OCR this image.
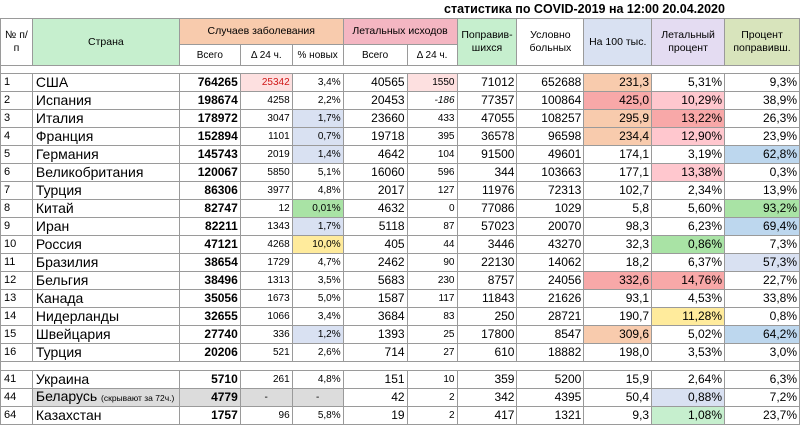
статистика по COVID-2019 на 12:00 20.04.2020
№ п/п	Страна	Случаев заболевания			Летальных исходов		Поправив-шихся	Условно больных	На 100 тыс.	Летальный процент	Процент поправивш.
		Всего	Δ 24 ч.	% новых	Всего	Δ 24 ч.					

1	США	764265	25342	3,4%	40565	1550	71012	652688	231,3	5,31%	9,3%
2	Испания	198674	4258	2,2%	20453	-186	77357	100864	425,0	10,29%	38,9%
3	Италия	178972	3047	1,7%	23660	433	47055	108257	295,9	13,22%	26,3%
4	Франция	152894	1101	0,7%	19718	395	36578	96598	234,4	12,90%	23,9%
5	Германия	145743	2019	1,4%	4642	104	91500	49601	174,1	3,19%	62,8%
6	Великобритания	120067	5850	5,1%	16060	596	344	103663	177,1	13,38%	0,3%
7	Турция	86306	3977	4,8%	2017	127	11976	72313	102,7	2,34%	13,9%
8	Китай	82747	12	0,01%	4632	0	77086	1029	5,8	5,60%	93,2%
9	Иран	82211	1343	1,7%	5118	87	57023	20070	98,3	6,23%	69,4%
10	Россия	47121	4268	10,0%	405	44	3446	43270	32,3	0,86%	7,3%
11	Бразилия	38654	1729	4,7%	2462	90	22130	14062	18,2	6,37%	57,3%
12	Бельгия	38496	1313	3,5%	5683	230	8757	24056	332,6	14,76%	22,7%
13	Канада	35056	1673	5,0%	1587	117	11843	21626	93,1	4,53%	33,8%
14	Нидерланды	32655	1066	3,4%	3684	83	250	28721	190,7	11,28%	0,8%
15	Швейцария	27740	336	1,2%	1393	25	17800	8547	309,6	5,02%	64,2%
16	Турция	20206	521	2,6%	714	27	610	18882	198,0	3,53%	3,0%

41	Украина	5710	261	4,8%	151	10	359	5200	15,9	2,64%	6,3%
44	Беларусь (скрывают за 72ч.)	4779	-	-	42	2	342	4395	50,4	0,88%	7,2%
64	Казахстан	1757	96	5,8%	19	2	417	1321	9,3	1,08%	23,7%
